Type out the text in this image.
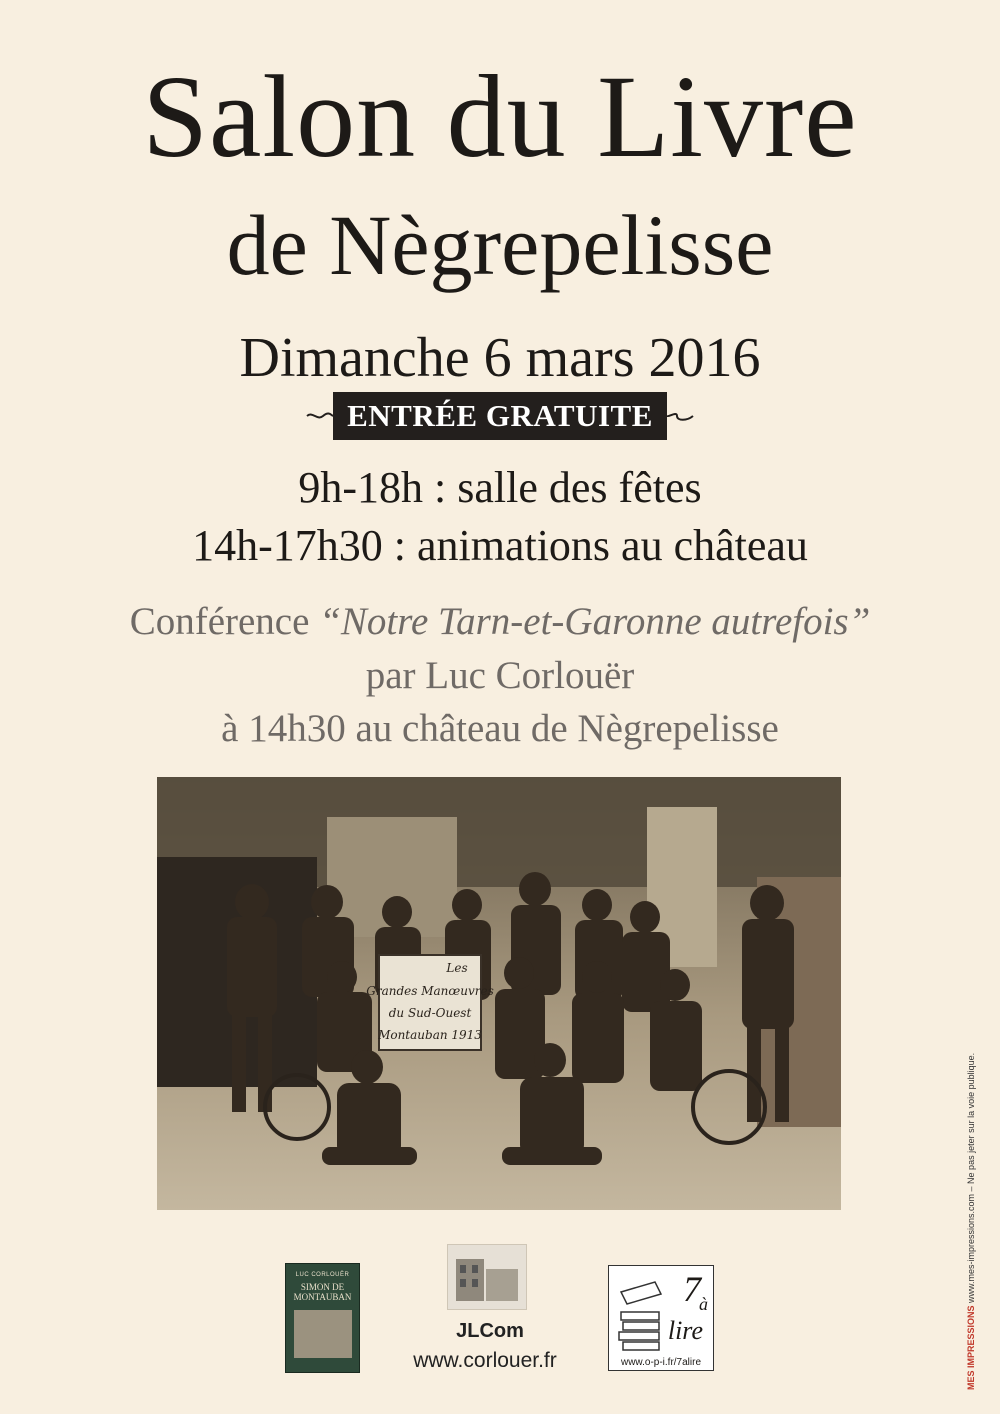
Salon du Livre
de Nègrepelisse
Dimanche 6 mars 2016
ENTRÉE GRATUITE
9h-18h : salle des fêtes
14h-17h30 : animations au château
Conférence “Notre Tarn-et-Garonne autrefois”
par Luc Corlouër
à 14h30 au château de Nègrepelisse
Les
Grandes Manœuvres
du Sud-Ouest
Montauban 1913
LUC CORLOUËR
SIMON DE
MONTAUBAN
JLCom
www.corlouer.fr
7
à
lire
www.o-p-i.fr/7alire	MES IMPRESSIONS www.mes-impressions.com – Ne pas jeter sur la voie publique.
